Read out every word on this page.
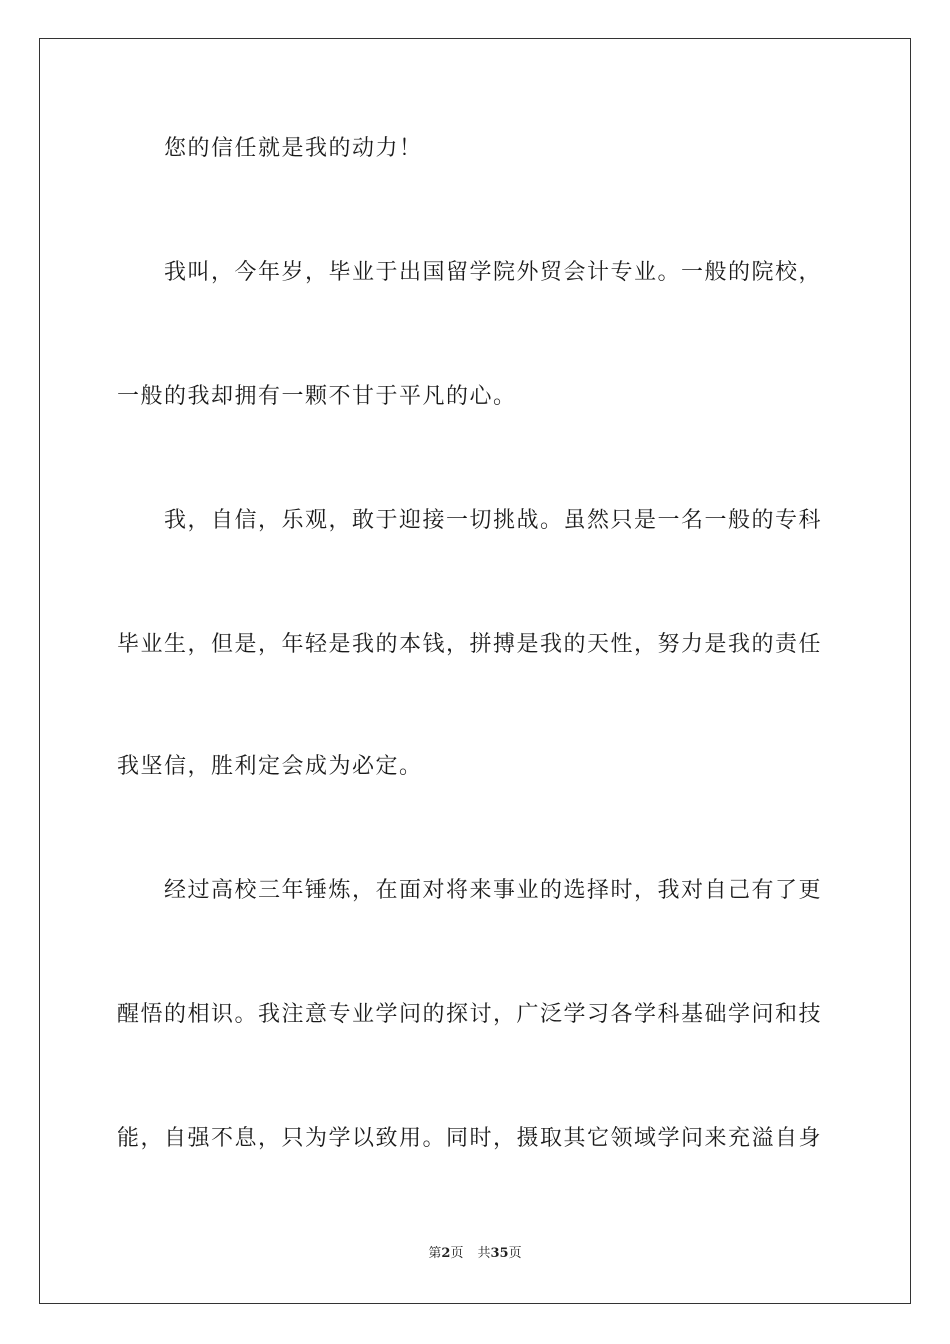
您的信任就是我的动力！

我叫，今年岁，毕业于出国留学院外贸会计专业。一般的院校，

一般的我却拥有一颗不甘于平凡的心。

我，自信，乐观，敢于迎接一切挑战。虽然只是一名一般的专科

毕业生，但是，年轻是我的本钱，拼搏是我的天性，努力是我的责任

我坚信，胜利定会成为必定。

经过高校三年锤炼，在面对将来事业的选择时，我对自己有了更

醒悟的相识。我注意专业学问的探讨，广泛学习各学科基础学问和技

能，自强不息，只为学以致用。同时，摄取其它领域学问来充溢自身

第2页 共35页
